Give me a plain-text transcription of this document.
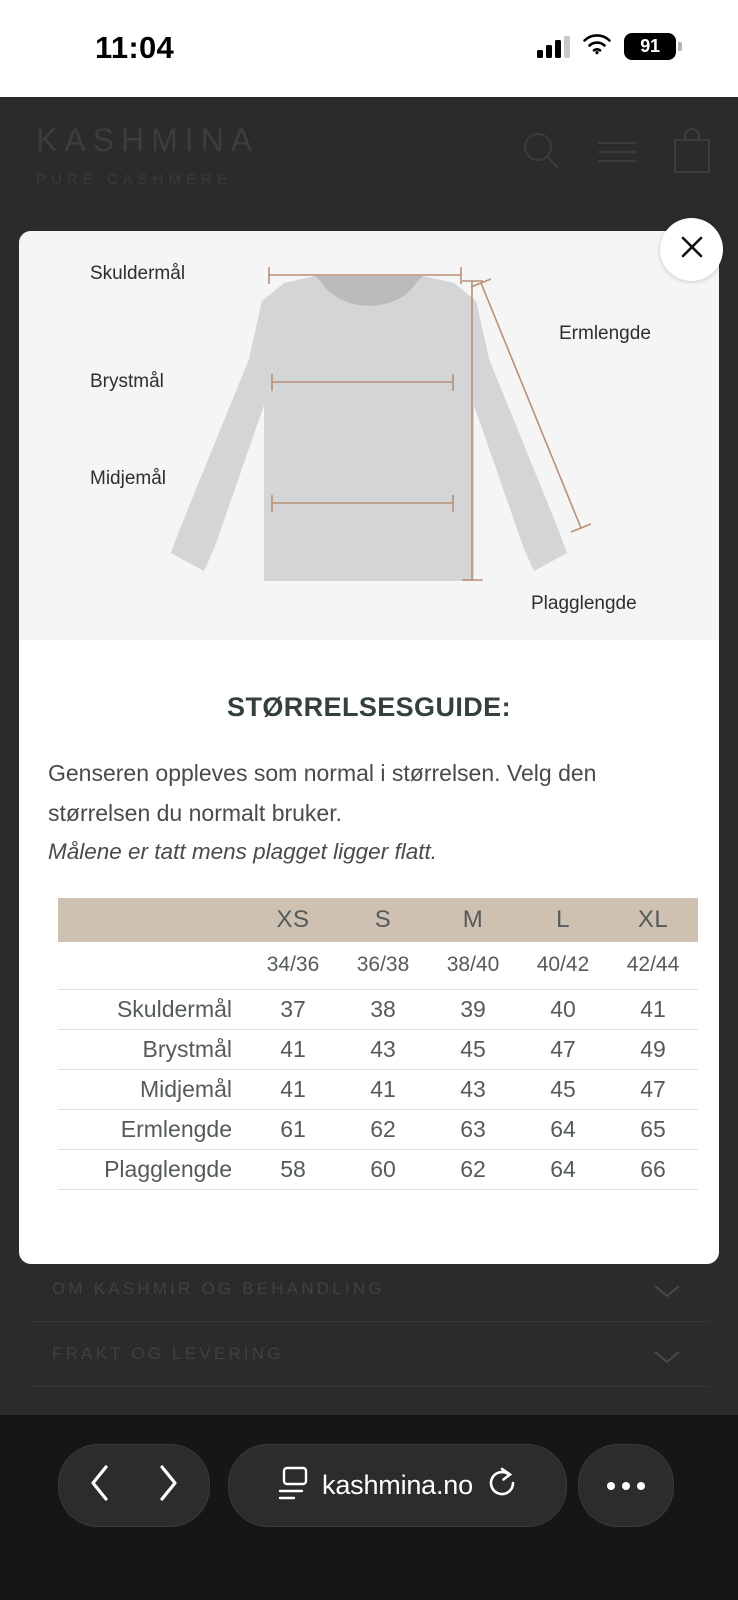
KASHMINA
PURE CASHMERE
OM KASHMIR OG BEHANDLING
FRAKT OG LEVERING
11:04	91
Skuldermål
Brystmål
Midjemål
Ermlengde
Plagglengde
STØRRELSESGUIDE:
Genseren oppleves som normal i størrelsen. Velg den størrelsen du normalt bruker.
Målene er tatt mens plagget ligger flatt.
	XS	S	M	L	XL
	34/36	36/38	38/40	40/42	42/44
Skuldermål	37	38	39	40	41
Brystmål	41	43	45	47	49
Midjemål	41	41	43	45	47
Ermlengde	61	62	63	64	65
Plagglengde	58	60	62	64	66
kashmina.no
